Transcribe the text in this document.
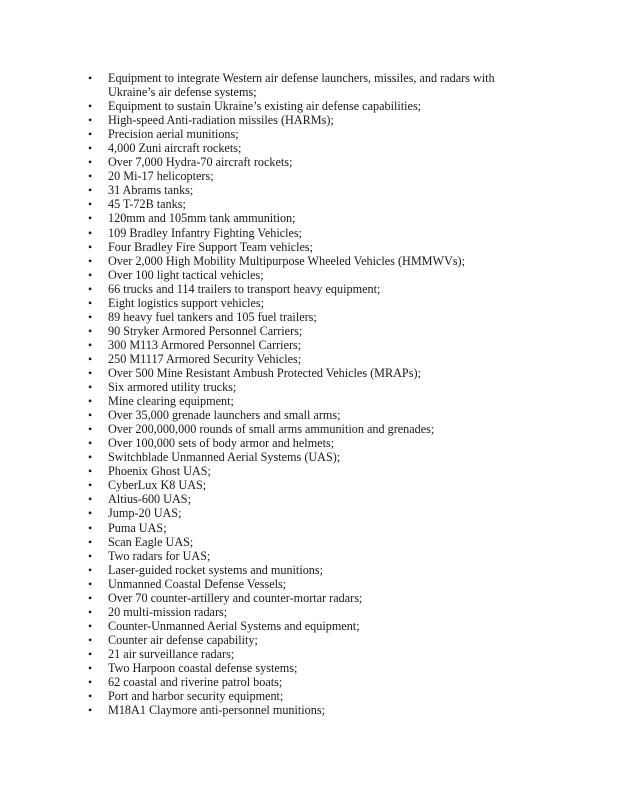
• Equipment to integrate Western air defense launchers, missiles, and radars with Ukraine’s air defense systems;
• Equipment to sustain Ukraine’s existing air defense capabilities;
• High-speed Anti-radiation missiles (HARMs);
• Precision aerial munitions;
• 4,000 Zuni aircraft rockets;
• Over 7,000 Hydra-70 aircraft rockets;
• 20 Mi-17 helicopters;
• 31 Abrams tanks;
• 45 T-72B tanks;
• 120mm and 105mm tank ammunition;
• 109 Bradley Infantry Fighting Vehicles;
• Four Bradley Fire Support Team vehicles;
• Over 2,000 High Mobility Multipurpose Wheeled Vehicles (HMMWVs);
• Over 100 light tactical vehicles;
• 66 trucks and 114 trailers to transport heavy equipment;
• Eight logistics support vehicles;
• 89 heavy fuel tankers and 105 fuel trailers;
• 90 Stryker Armored Personnel Carriers;
• 300 M113 Armored Personnel Carriers;
• 250 M1117 Armored Security Vehicles;
• Over 500 Mine Resistant Ambush Protected Vehicles (MRAPs);
• Six armored utility trucks;
• Mine clearing equipment;
• Over 35,000 grenade launchers and small arms;
• Over 200,000,000 rounds of small arms ammunition and grenades;
• Over 100,000 sets of body armor and helmets;
• Switchblade Unmanned Aerial Systems (UAS);
• Phoenix Ghost UAS;
• CyberLux K8 UAS;
• Altius-600 UAS;
• Jump-20 UAS;
• Puma UAS;
• Scan Eagle UAS;
• Two radars for UAS;
• Laser-guided rocket systems and munitions;
• Unmanned Coastal Defense Vessels;
• Over 70 counter-artillery and counter-mortar radars;
• 20 multi-mission radars;
• Counter-Unmanned Aerial Systems and equipment;
• Counter air defense capability;
• 21 air surveillance radars;
• Two Harpoon coastal defense systems;
• 62 coastal and riverine patrol boats;
• Port and harbor security equipment;
• M18A1 Claymore anti-personnel munitions;
